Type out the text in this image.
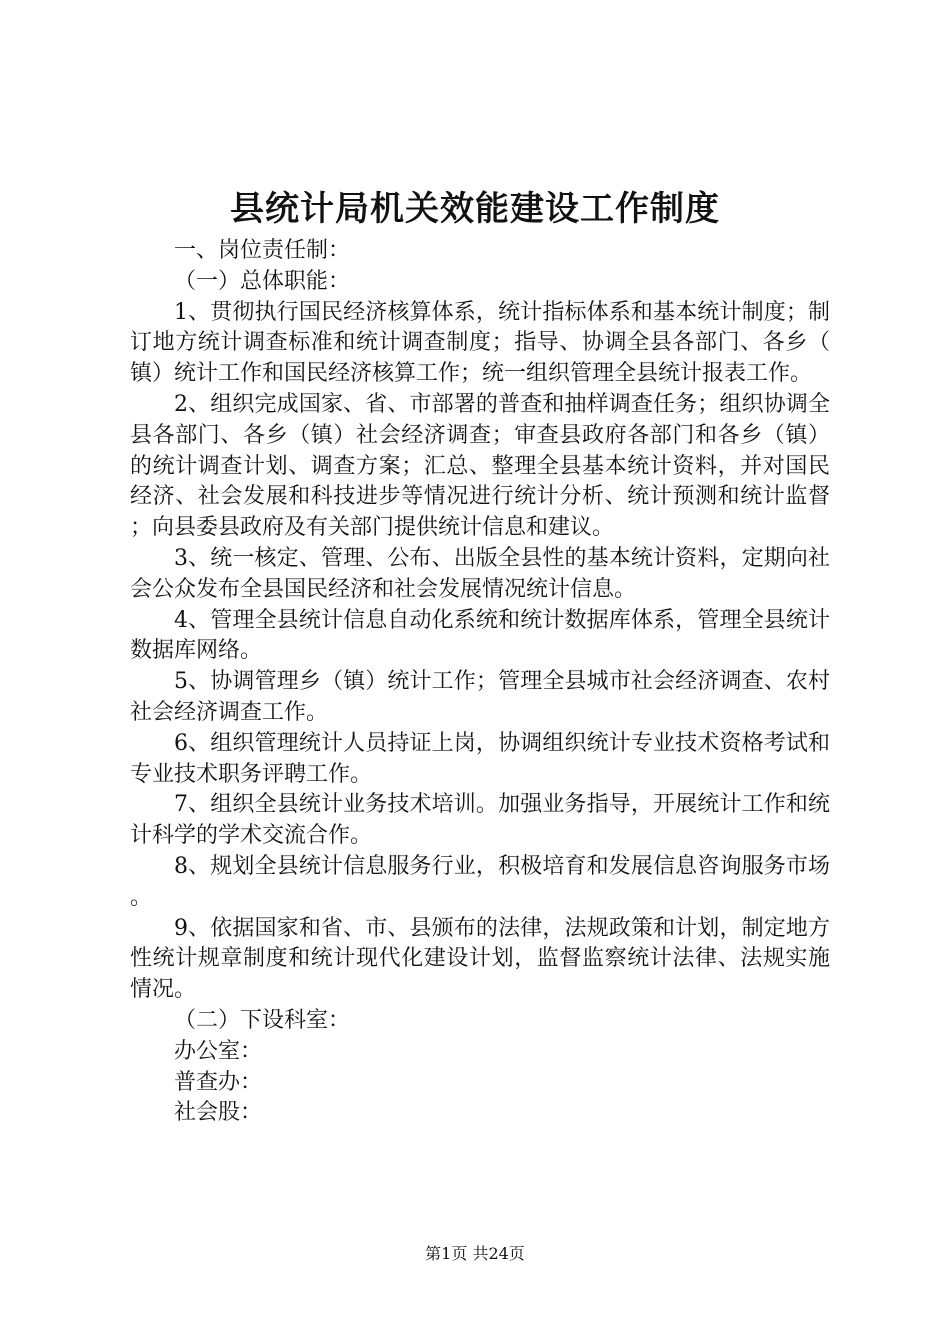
县统计局机关效能建设工作制度

一、岗位责任制：

（一）总体职能：

1、贯彻执行国民经济核算体系，统计指标体系和基本统计制度；制订地方统计调查标准和统计调查制度；指导、协调全县各部门、各乡（镇）统计工作和国民经济核算工作；统一组织管理全县统计报表工作。

2、组织完成国家、省、市部署的普查和抽样调查任务；组织协调全县各部门、各乡（镇）社会经济调查；审查县政府各部门和各乡（镇）的统计调查计划、调查方案；汇总、整理全县基本统计资料，并对国民经济、社会发展和科技进步等情况进行统计分析、统计预测和统计监督；向县委县政府及有关部门提供统计信息和建议。

3、统一核定、管理、公布、出版全县性的基本统计资料，定期向社会公众发布全县国民经济和社会发展情况统计信息。

4、管理全县统计信息自动化系统和统计数据库体系，管理全县统计数据库网络。

5、协调管理乡（镇）统计工作；管理全县城市社会经济调查、农村社会经济调查工作。

6、组织管理统计人员持证上岗，协调组织统计专业技术资格考试和专业技术职务评聘工作。

7、组织全县统计业务技术培训。加强业务指导，开展统计工作和统计科学的学术交流合作。

8、规划全县统计信息服务行业，积极培育和发展信息咨询服务市场。

9、依据国家和省、市、县颁布的法律，法规政策和计划，制定地方性统计规章制度和统计现代化建设计划，监督监察统计法律、法规实施情况。

（二）下设科室：

办公室：

普查办：

社会股：

第1页 共24页
